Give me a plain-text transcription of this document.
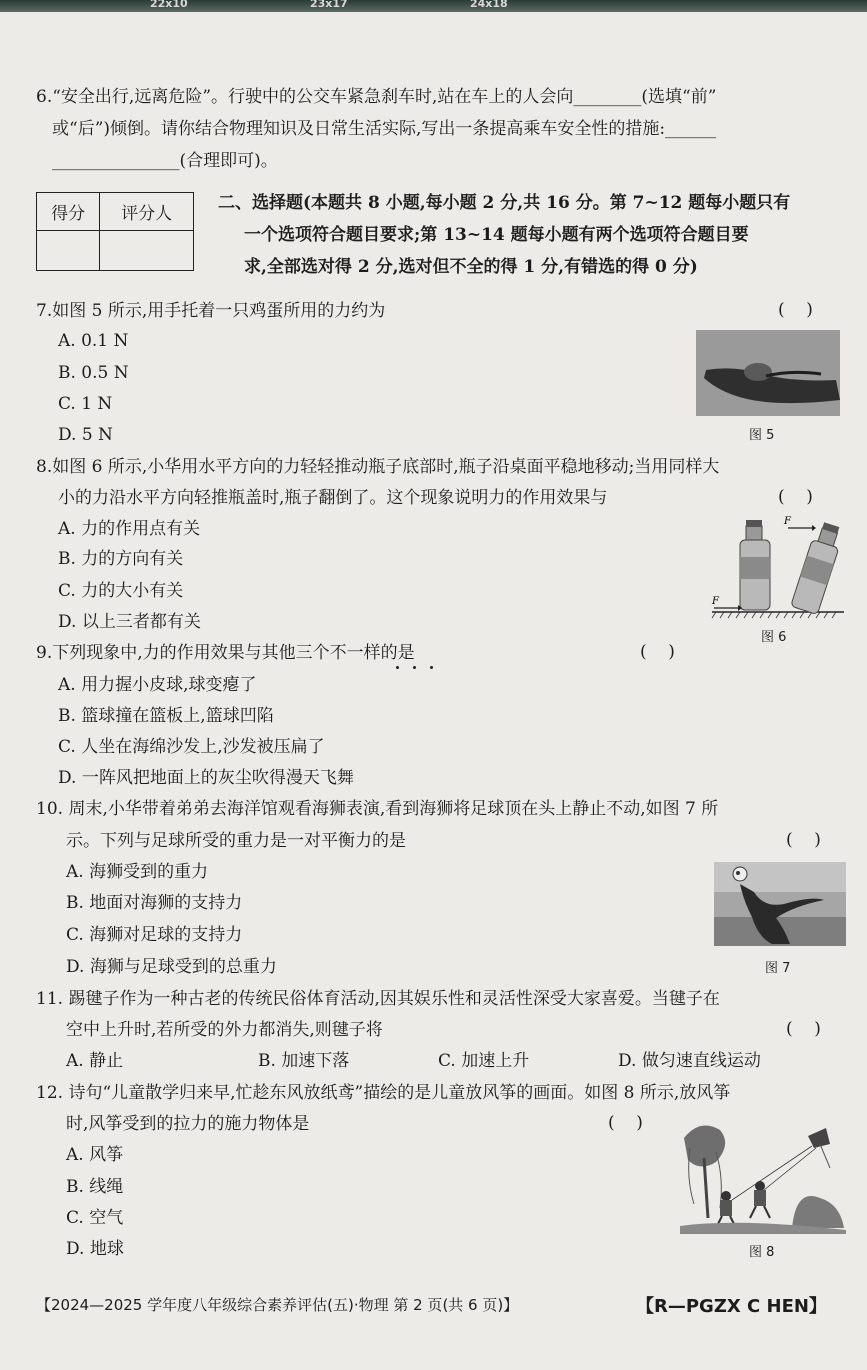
22x10	23x17	24x18
6.“安全出行,远离危险”。行驶中的公交车紧急刹车时,站在车上的人会向________(选填“前”
或“后”)倾倒。请你结合物理知识及日常生活实际,写出一条提高乘车安全性的措施:______
_______________(合理即可)。
得分	评分人

二、选择题(本题共 8 小题,每小题 2 分,共 16 分。第 7~12 题每小题只有
一个选项符合题目要求;第 13~14 题每小题有两个选项符合题目要
求,全部选对得 2 分,选对但不全的得 1 分,有错选的得 0 分)
7.如图 5 所示,用手托着一只鸡蛋所用的力约为	(    )
A. 0.1 N
B. 0.5 N
C. 1 N
D. 5 N	图 5
8.如图 6 所示,小华用水平方向的力轻轻推动瓶子底部时,瓶子沿桌面平稳地移动;当用同样大
小的力沿水平方向轻推瓶盖时,瓶子翻倒了。这个现象说明力的作用效果与	(    )
A. 力的作用点有关
B. 力的方向有关
C. 力的大小有关
D. 以上三者都有关
F
F
图 6
9.下列现象中,力的作用效果与其他三个不一样的是	(    )
A. 用力握小皮球,球变瘪了
B. 篮球撞在篮板上,篮球凹陷
C. 人坐在海绵沙发上,沙发被压扁了
D. 一阵风把地面上的灰尘吹得漫天飞舞
10. 周末,小华带着弟弟去海洋馆观看海狮表演,看到海狮将足球顶在头上静止不动,如图 7 所
示。下列与足球所受的重力是一对平衡力的是	(    )
A. 海狮受到的重力
B. 地面对海狮的支持力
C. 海狮对足球的支持力
D. 海狮与足球受到的总重力	图 7
11. 踢毽子作为一种古老的传统民俗体育活动,因其娱乐性和灵活性深受大家喜爱。当毽子在
空中上升时,若所受的外力都消失,则毽子将	(    )
A. 静止	B. 加速下落	C. 加速上升	D. 做匀速直线运动
12. 诗句“儿童散学归来早,忙趁东风放纸鸢”描绘的是儿童放风筝的画面。如图 8 所示,放风筝
时,风筝受到的拉力的施力物体是	(    )
A. 风筝
B. 线绳
C. 空气
D. 地球	图 8
【2024—2025 学年度八年级综合素养评估(五)·物理 第 2 页(共 6 页)】	【R—PGZX C HEN】
